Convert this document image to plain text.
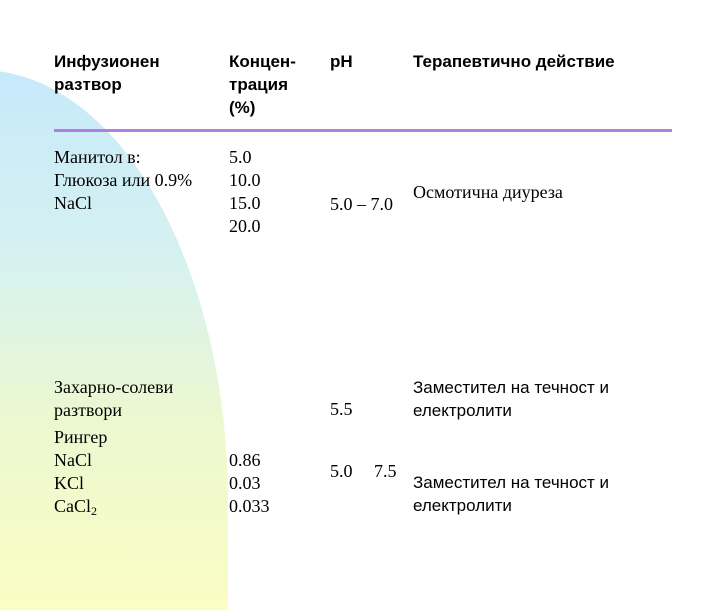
Инфузионен
разтвор
Концен-
трация
(%)
pH	Терапевтично действие
Манитол в:
Глюкоза или 0.9%
NaCl
5.0
10.0
15.0
20.0
5.0 – 7.0
Осмотична диуреза
Захарно-солеви
разтвори	5.5
Заместител на течност и
електролити
Рингер
NaCl
KCl
CaCl$_2$
0.86
0.03
0.033
5.0 7.5
Заместител на течност и
електролити
